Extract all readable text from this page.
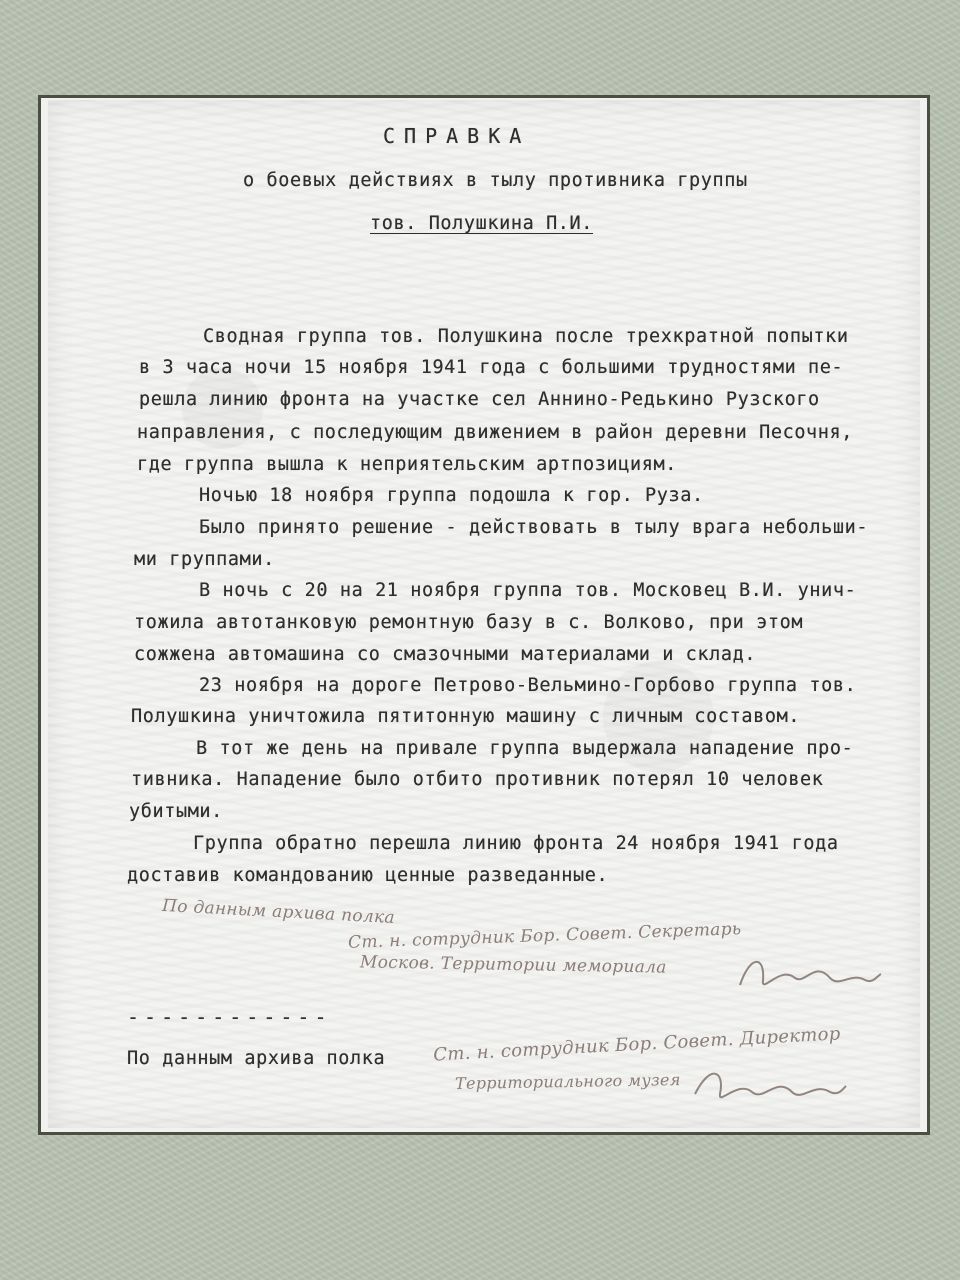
СПРАВКА
о боевых действиях в тылу противника группы
тов. Полушкина П.И.
Сводная группа тов. Полушкина после трехкратной попытки
в 3 часа ночи 15 ноября 1941 года с большими трудностями пе-
решла линию фронта на участке сел Аннино-Редькино Рузского
направления, с последующим движением в район деревни Песочня,
где группа вышла к неприятельским артпозициям.
Ночью 18 ноября группа подошла к гор. Руза.
Было принято решение - действовать в тылу врага небольши-
ми группами.
В ночь с 20 на 21 ноября группа тов. Московец В.И. унич-
тожила автотанковую ремонтную базу в с. Волково, при этом
сожжена автомашина со смазочными материалами и склад.
23 ноября на дороге Петрово-Вельмино-Горбово группа тов.
Полушкина уничтожила пятитонную машину с личным составом.
В тот же день на привале группа выдержала нападение про-
тивника. Нападение было отбито противник потерял 10 человек
убитыми.
Группа обратно перешла линию фронта 24 ноября 1941 года
доставив командованию ценные разведанные.
По данным архива полка
Ст. н. сотрудник Бор. Совет. Секретарь
Москов. Территории мемориала
------------
По данным архива полка	Ст. н. сотрудник Бор. Совет. Директор
Территориального музея
